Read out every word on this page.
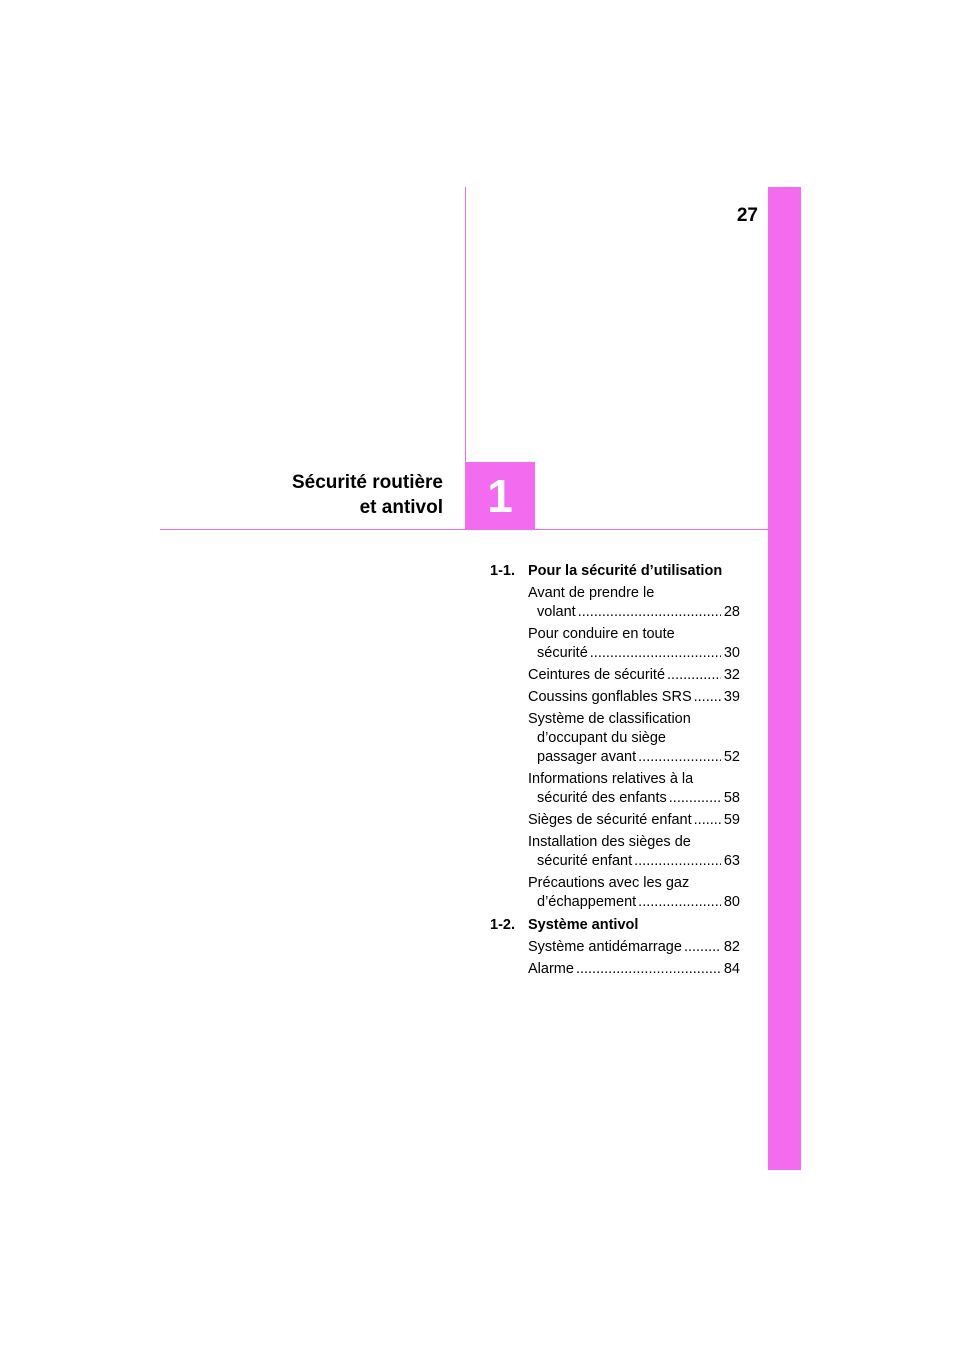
27
Sécurité routière
et antivol 1
1-1. Pour la sécurité d’utilisation
Avant de prendre le
volant .....	28
Pour conduire en toute
sécurité .....	30
Ceintures de sécurité .....	32
Coussins gonflables SRS ..... 39
Système de classification
d’occupant du siège
passager avant .....	52
Informations relatives à la
sécurité des enfants .....	58
Sièges de sécurité enfant ..... 59
Installation des sièges de
sécurité enfant .....	63
Précautions avec les gaz
d’échappement .....	80
1-2. Système antivol
Système antidémarrage .....	82
Alarme .....	84
